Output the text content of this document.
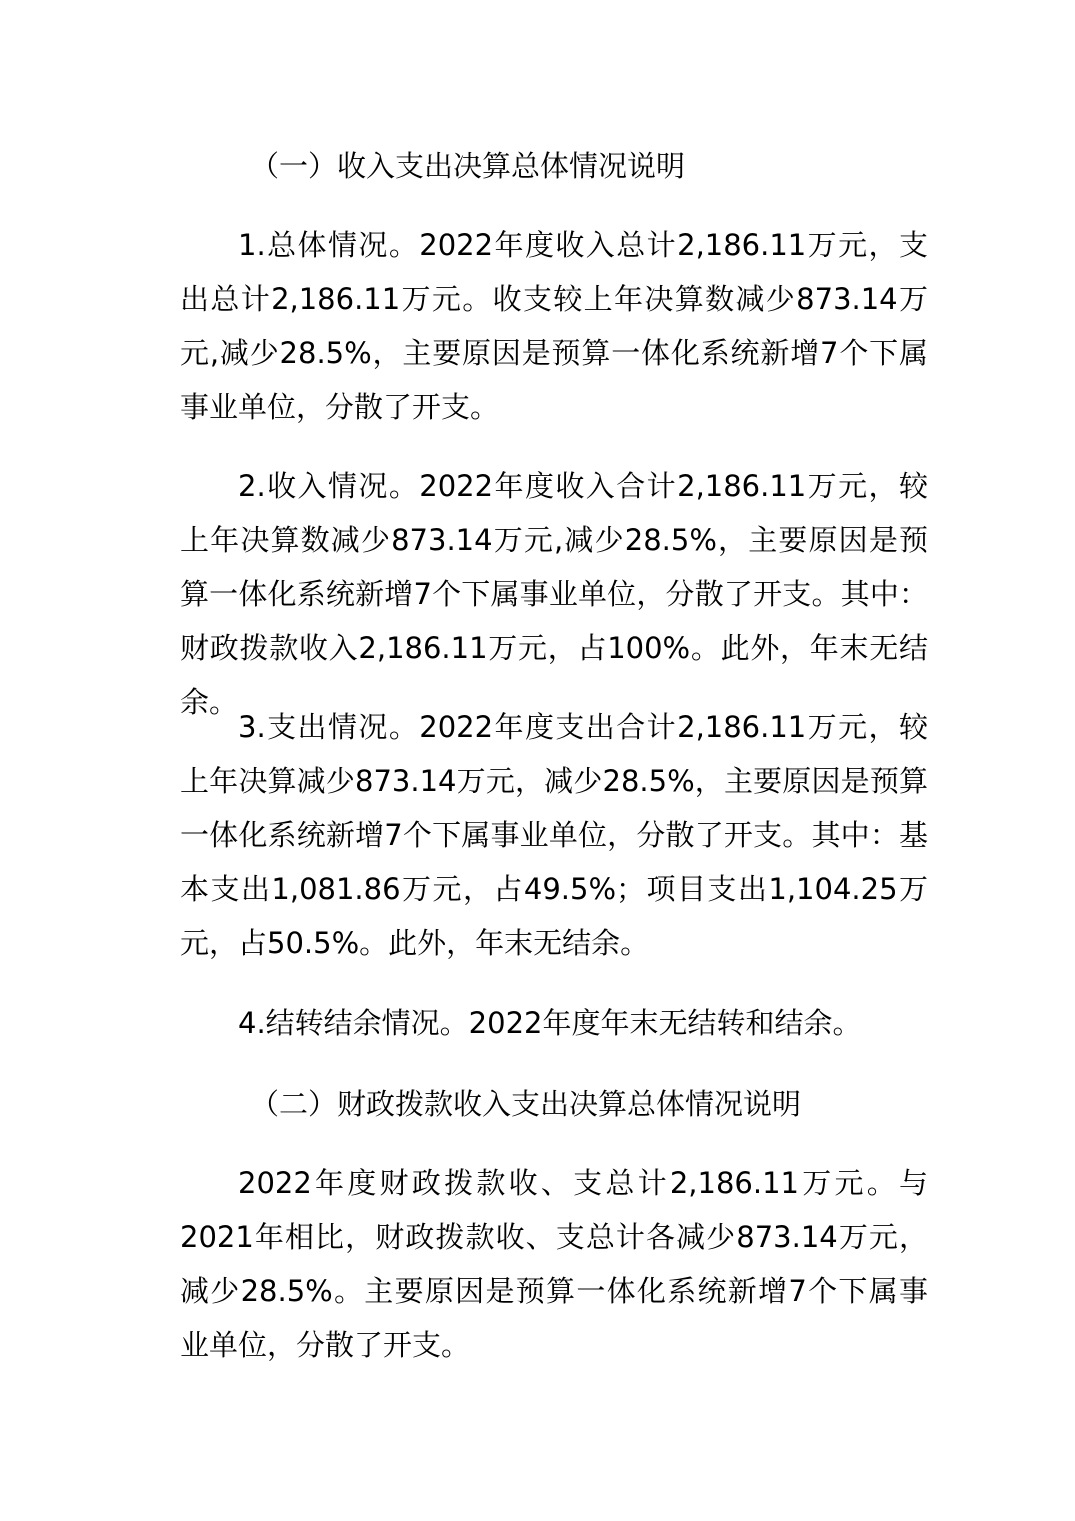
（一）收入支出决算总体情况说明

1.总体情况。2022年度收入总计2,186.11万元，支出总计2,186.11万元。收支较上年决算数减少873.14万元,减少28.5%，主要原因是预算一体化系统新增7个下属事业单位，分散了开支。

2.收入情况。2022年度收入合计2,186.11万元，较上年决算数减少873.14万元,减少28.5%，主要原因是预算一体化系统新增7个下属事业单位，分散了开支。其中：财政拨款收入2,186.11万元，占100%。此外，年末无结余。

3.支出情况。2022年度支出合计2,186.11万元，较上年决算减少873.14万元，减少28.5%，主要原因是预算一体化系统新增7个下属事业单位，分散了开支。其中：基本支出1,081.86万元，占49.5%；项目支出1,104.25万元，占50.5%。此外，年末无结余。

4.结转结余情况。2022年度年末无结转和结余。

（二）财政拨款收入支出决算总体情况说明

2022年度财政拨款收、支总计2,186.11万元。与2021年相比，财政拨款收、支总计各减少873.14万元，减少28.5%。主要原因是预算一体化系统新增7个下属事业单位，分散了开支。
